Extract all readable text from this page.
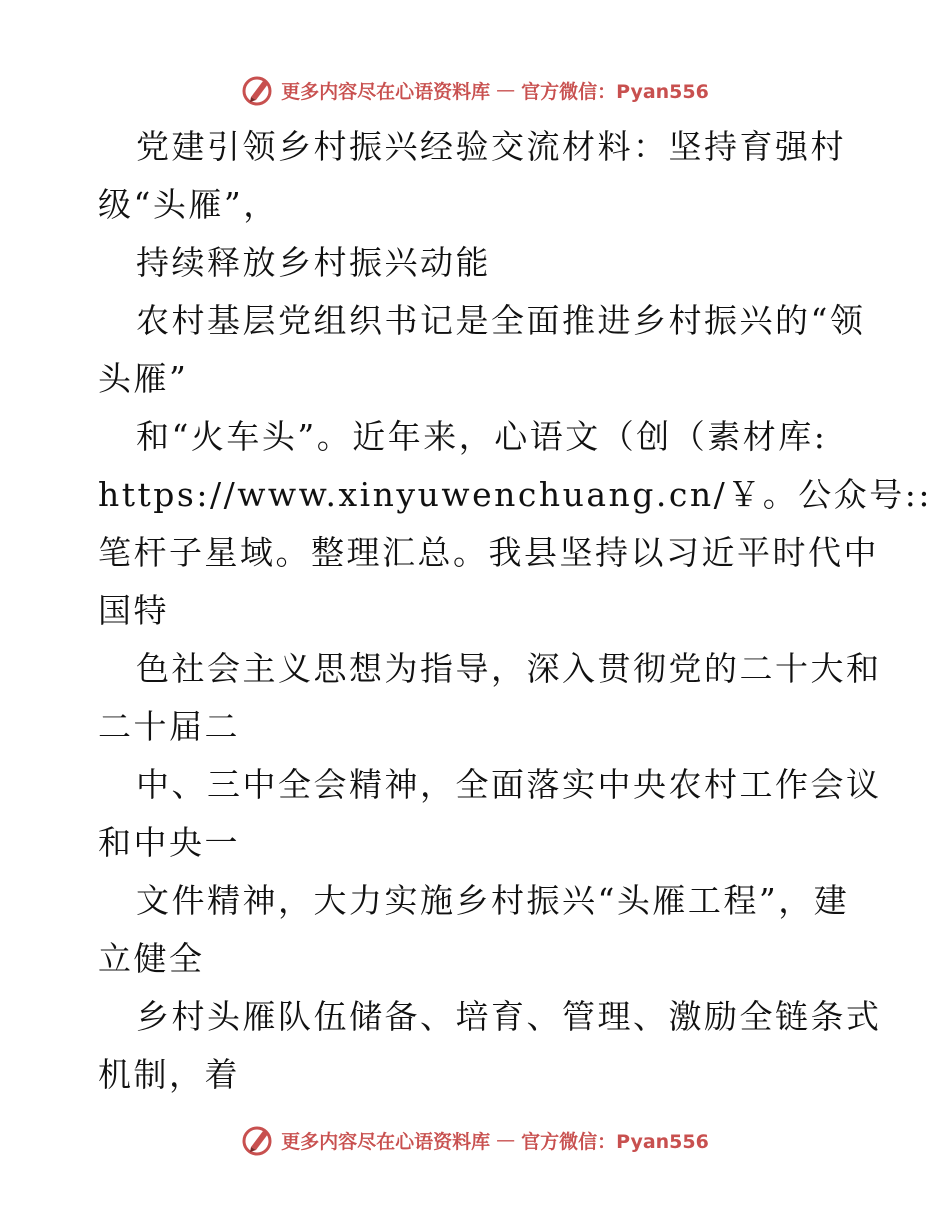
更多内容尽在心语资料库 — 官方微信：Pyan556
党建引领乡村振兴经验交流材料：坚持育强村
级“头雁”，
持续释放乡村振兴动能
农村基层党组织书记是全面推进乡村振兴的“领
头雁”
和“火车头”。近年来，心语文（创（素材库:
https://www.xinyuwenchuang.cn/￥。公众号::
笔杆子星域。整理汇总。我县坚持以习近平时代中
国特
色社会主义思想为指导，深入贯彻党的二十大和
二十届二
中、三中全会精神，全面落实中央农村工作会议
和中央一
文件精神，大力实施乡村振兴“头雁工程”，建
立健全
乡村头雁队伍储备、培育、管理、激励全链条式
机制，着
更多内容尽在心语资料库 — 官方微信：Pyan556
